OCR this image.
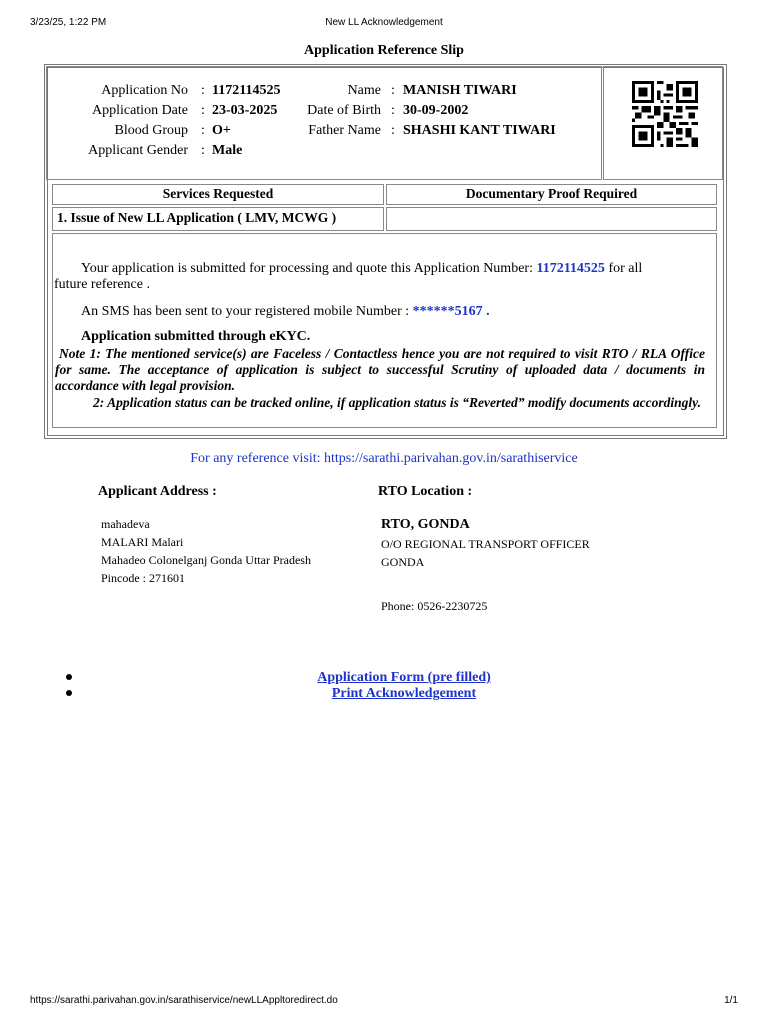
3/23/25, 1:22 PM	New LL Acknowledgement
Application Reference Slip
Application No : 1172114525	Name : MANISH TIWARI
Application Date : 23-03-2025	Date of Birth : 30-09-2002
Blood Group : O+	Father Name : SHASHI KANT TIWARI
Applicant Gender : Male
Services Requested	Documentary Proof Required
1. Issue of New LL Application ( LMV, MCWG )
Your application is submitted for processing and quote this Application Number: 1172114525 for all
future reference .
An SMS has been sent to your registered mobile Number : ******5167 .
Application submitted through eKYC.
Note 1: The mentioned service(s) are Faceless / Contactless hence you are not required to visit RTO / RLA Office for same. The acceptance of application is subject to successful Scrutiny of uploaded data / documents in accordance with legal provision.
2: Application status can be tracked online, if application status is “Reverted” modify documents accordingly.
For any reference visit: https://sarathi.parivahan.gov.in/sarathiservice
Applicant Address :	RTO Location :
mahadeva
MALARI Malari
Mahadeo Colonelganj Gonda Uttar Pradesh
Pincode : 271601
RTO, GONDA
O/O REGIONAL TRANSPORT OFFICER
GONDA
Phone: 0526-2230725
Application Form (pre filled)
Print Acknowledgement
https://sarathi.parivahan.gov.in/sarathiservice/newLLAppltoredirect.do	1/1
